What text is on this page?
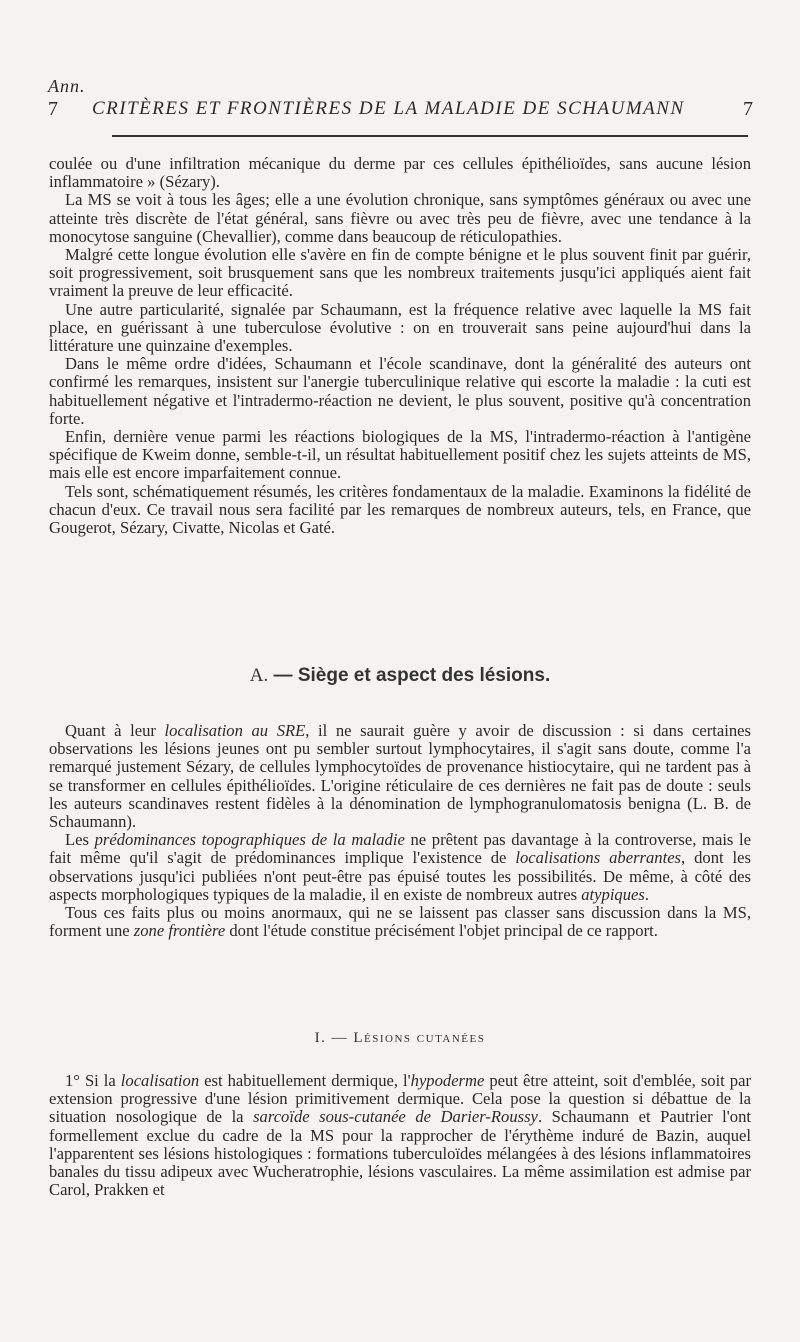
Ann.
7 CRITÈRES ET FRONTIÈRES DE LA MALADIE DE SCHAUMANN	7

coulée ou d'une infiltration mécanique du derme par ces cellules épithélioïdes, sans aucune lésion inflammatoire » (Sézary).

La MS se voit à tous les âges; elle a une évolution chronique, sans symptômes généraux ou avec une atteinte très discrète de l'état général, sans fièvre ou avec très peu de fièvre, avec une tendance à la monocytose sanguine (Chevallier), comme dans beaucoup de réticulopathies.

Malgré cette longue évolution elle s'avère en fin de compte bénigne et le plus souvent finit par guérir, soit progressivement, soit brusquement sans que les nombreux traitements jusqu'ici appliqués aient fait vraiment la preuve de leur efficacité.

Une autre particularité, signalée par Schaumann, est la fréquence relative avec laquelle la MS fait place, en guérissant à une tuberculose évolutive : on en trouverait sans peine aujourd'hui dans la littérature une quinzaine d'exemples.

Dans le même ordre d'idées, Schaumann et l'école scandinave, dont la généralité des auteurs ont confirmé les remarques, insistent sur l'anergie tuberculinique relative qui escorte la maladie : la cuti est habituellement négative et l'intradermo-réaction ne devient, le plus souvent, positive qu'à concentration forte.

Enfin, dernière venue parmi les réactions biologiques de la MS, l'intradermo-réaction à l'antigène spécifique de Kweim donne, semble-t-il, un résultat habituellement positif chez les sujets atteints de MS, mais elle est encore imparfaitement connue.

Tels sont, schématiquement résumés, les critères fondamentaux de la maladie. Examinons la fidélité de chacun d'eux. Ce travail nous sera facilité par les remarques de nombreux auteurs, tels, en France, que Gougerot, Sézary, Civatte, Nicolas et Gaté.

A. — Siège et aspect des lésions.

Quant à leur localisation au SRE, il ne saurait guère y avoir de discussion : si dans certaines observations les lésions jeunes ont pu sembler surtout lymphocytaires, il s'agit sans doute, comme l'a remarqué justement Sézary, de cellules lymphocytoïdes de provenance histiocytaire, qui ne tardent pas à se transformer en cellules épithélioïdes. L'origine réticulaire de ces dernières ne fait pas de doute : seuls les auteurs scandinaves restent fidèles à la dénomination de lymphogranulomatosis benigna (L. B. de Schaumann).

Les prédominances topographiques de la maladie ne prêtent pas davantage à la controverse, mais le fait même qu'il s'agit de prédominances implique l'existence de localisations aberrantes, dont les observations jusqu'ici publiées n'ont peut-être pas épuisé toutes les possibilités. De même, à côté des aspects morphologiques typiques de la maladie, il en existe de nombreux autres atypiques.

Tous ces faits plus ou moins anormaux, qui ne se laissent pas classer sans discussion dans la MS, forment une zone frontière dont l'étude constitue précisément l'objet principal de ce rapport.

I. — Lésions cutanées

1° Si la localisation est habituellement dermique, l'hypoderme peut être atteint, soit d'emblée, soit par extension progressive d'une lésion primitivement dermique. Cela pose la question si débattue de la situation nosologique de la sarcoïde sous-cutanée de Darier-Roussy. Schaumann et Pautrier l'ont formellement exclue du cadre de la MS pour la rapprocher de l'érythème induré de Bazin, auquel l'apparentent ses lésions histologiques : formations tuberculoïdes mélangées à des lésions inflammatoires banales du tissu adipeux avec Wucheratrophie, lésions vasculaires. La même assimilation est admise par Carol, Prakken et
